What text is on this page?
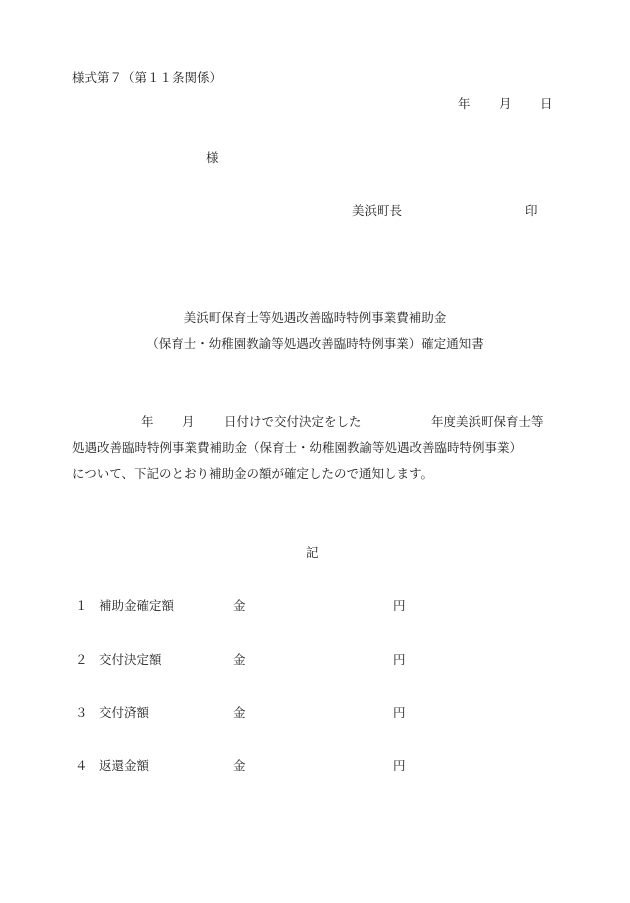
様式第７（第１１条関係）
年 月 日
様
美浜町長	印
美浜町保育士等処遇改善臨時特例事業費補助金
（保育士・幼稚園教諭等処遇改善臨時特例事業）確定通知書
年 月 日付けで交付決定をした	年度美浜町保育士等
処遇改善臨時特例事業費補助金（保育士・幼稚園教諭等処遇改善臨時特例事業）
について、下記のとおり補助金の額が確定したので通知します。
記
１ 補助金確定額	金	円
２ 交付決定額	金	円
３ 交付済額	金	円
４ 返還金額	金	円
